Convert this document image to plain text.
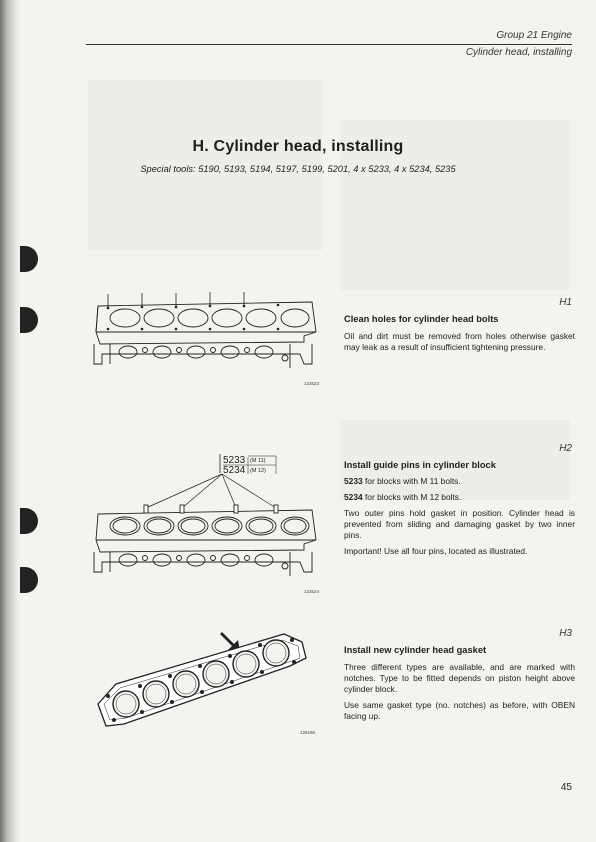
Group 21 Engine
Cylinder head, installing
H. Cylinder head, installing
Special tools: 5190, 5193, 5194, 5197, 5199, 5201, 4 x 5233, 4 x 5234, 5235
133523
H1
Clean holes for cylinder head bolts

Oil and dirt must be removed from holes otherwise gasket may leak as a result of insufficient tightening pressure.

5233 (M 11)
5234 (M 12)
133524
H2
Install guide pins in cylinder block

5233 for blocks with M 11 bolts.

5234 for blocks with M 12 bolts.

Two outer pins hold gasket in position. Cylinder head is prevented from sliding and damaging gasket by two inner pins.

Important! Use all four pins, located as illustrated.

126166
H3
Install new cylinder head gasket

Three different types are available, and are marked with notches. Type to be fitted depends on piston height above cylinder block.

Use same gasket type (no. notches) as before, with OBEN facing up.

45
